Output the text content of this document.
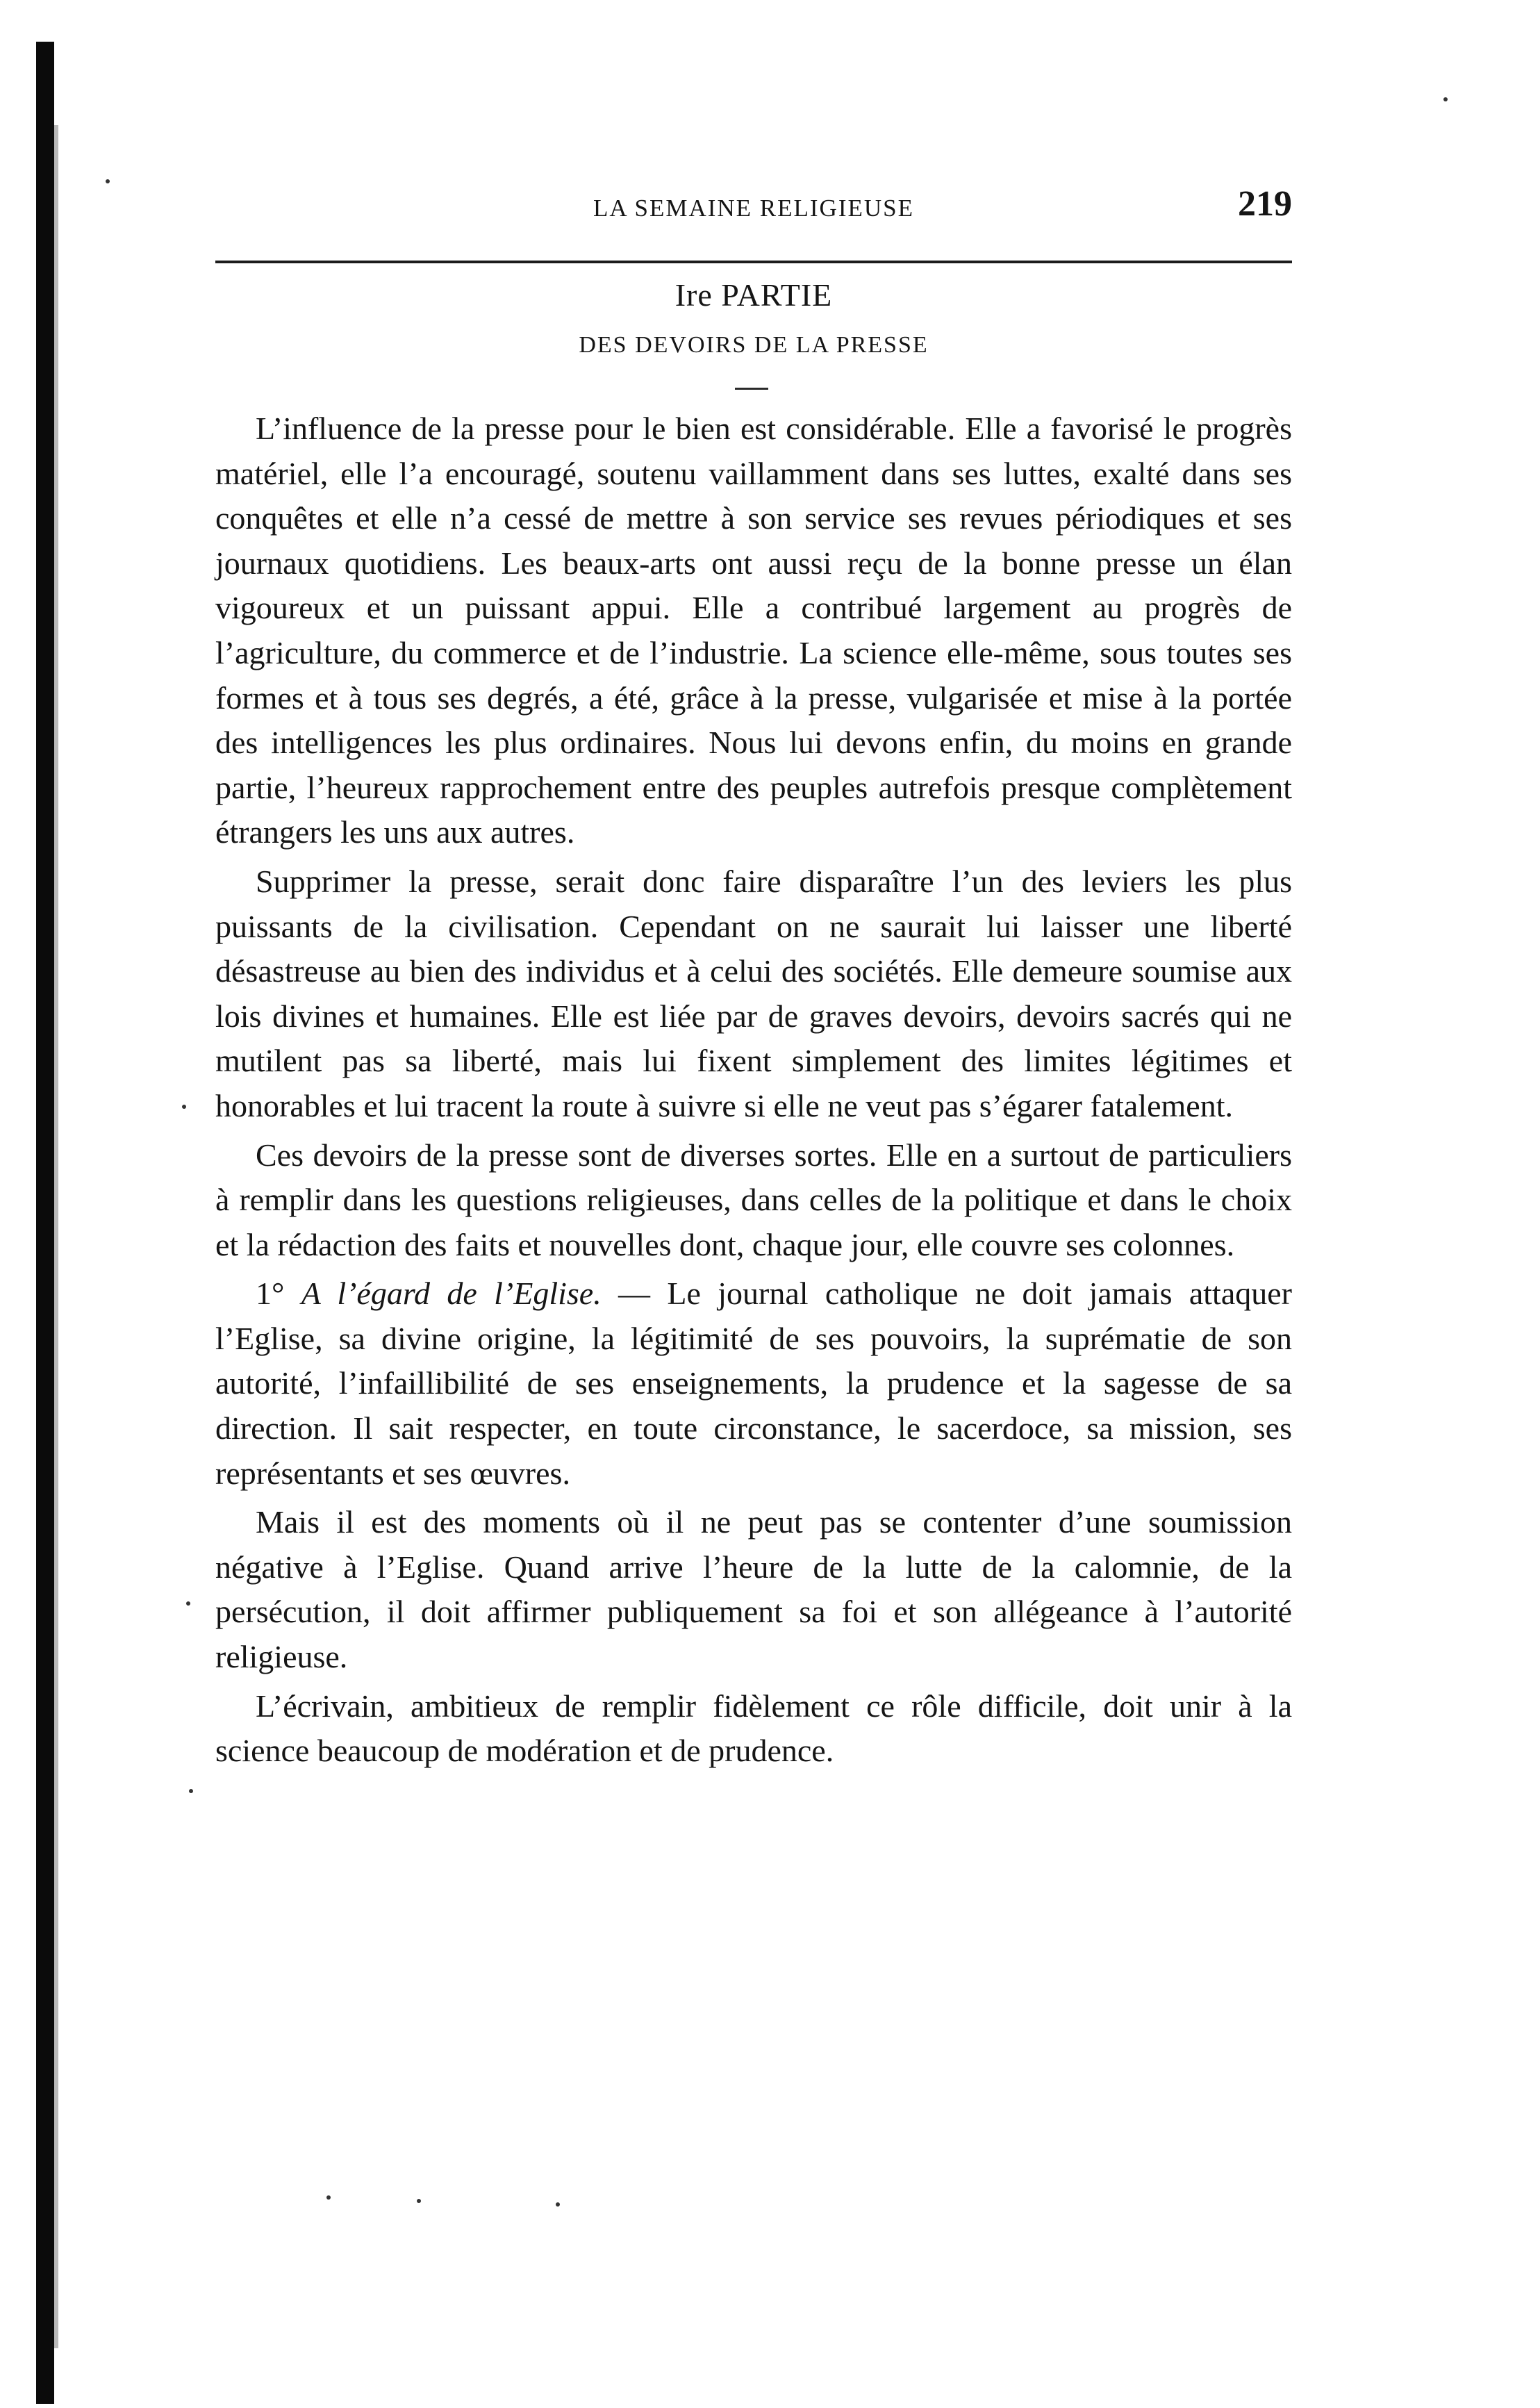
LA SEMAINE RELIGIEUSE	219
Ire PARTIE
DES DEVOIRS DE LA PRESSE

L’influence de la presse pour le bien est considérable. Elle a favorisé le progrès matériel, elle l’a encouragé, soutenu vaillamment dans ses luttes, exalté dans ses conquêtes et elle n’a cessé de mettre à son service ses revues périodiques et ses journaux quotidiens. Les beaux-arts ont aussi reçu de la bonne presse un élan vigoureux et un puissant appui. Elle a contribué largement au progrès de l’agriculture, du commerce et de l’industrie. La science elle-même, sous toutes ses formes et à tous ses degrés, a été, grâce à la presse, vulgarisée et mise à la portée des intelligences les plus ordinaires. Nous lui devons enfin, du moins en grande partie, l’heureux rapprochement entre des peuples autrefois presque complètement étrangers les uns aux autres.

Supprimer la presse, serait donc faire disparaître l’un des leviers les plus puissants de la civilisation. Cependant on ne saurait lui laisser une liberté désastreuse au bien des individus et à celui des sociétés. Elle demeure soumise aux lois divines et humaines. Elle est liée par de graves devoirs, devoirs sacrés qui ne mutilent pas sa liberté, mais lui fixent simplement des limites légitimes et honorables et lui tracent la route à suivre si elle ne veut pas s’égarer fatalement.

Ces devoirs de la presse sont de diverses sortes. Elle en a surtout de particuliers à remplir dans les questions religieuses, dans celles de la politique et dans le choix et la rédaction des faits et nouvelles dont, chaque jour, elle couvre ses colonnes.

1° A l’égard de l’Eglise. — Le journal catholique ne doit jamais attaquer l’Eglise, sa divine origine, la légitimité de ses pouvoirs, la suprématie de son autorité, l’infaillibilité de ses enseignements, la prudence et la sagesse de sa direction. Il sait respecter, en toute circonstance, le sacerdoce, sa mission, ses représentants et ses œuvres.

Mais il est des moments où il ne peut pas se contenter d’une soumission négative à l’Eglise. Quand arrive l’heure de la lutte de la calomnie, de la persécution, il doit affirmer publiquement sa foi et son allégeance à l’autorité religieuse.

L’écrivain, ambitieux de remplir fidèlement ce rôle difficile, doit unir à la science beaucoup de modération et de prudence.
